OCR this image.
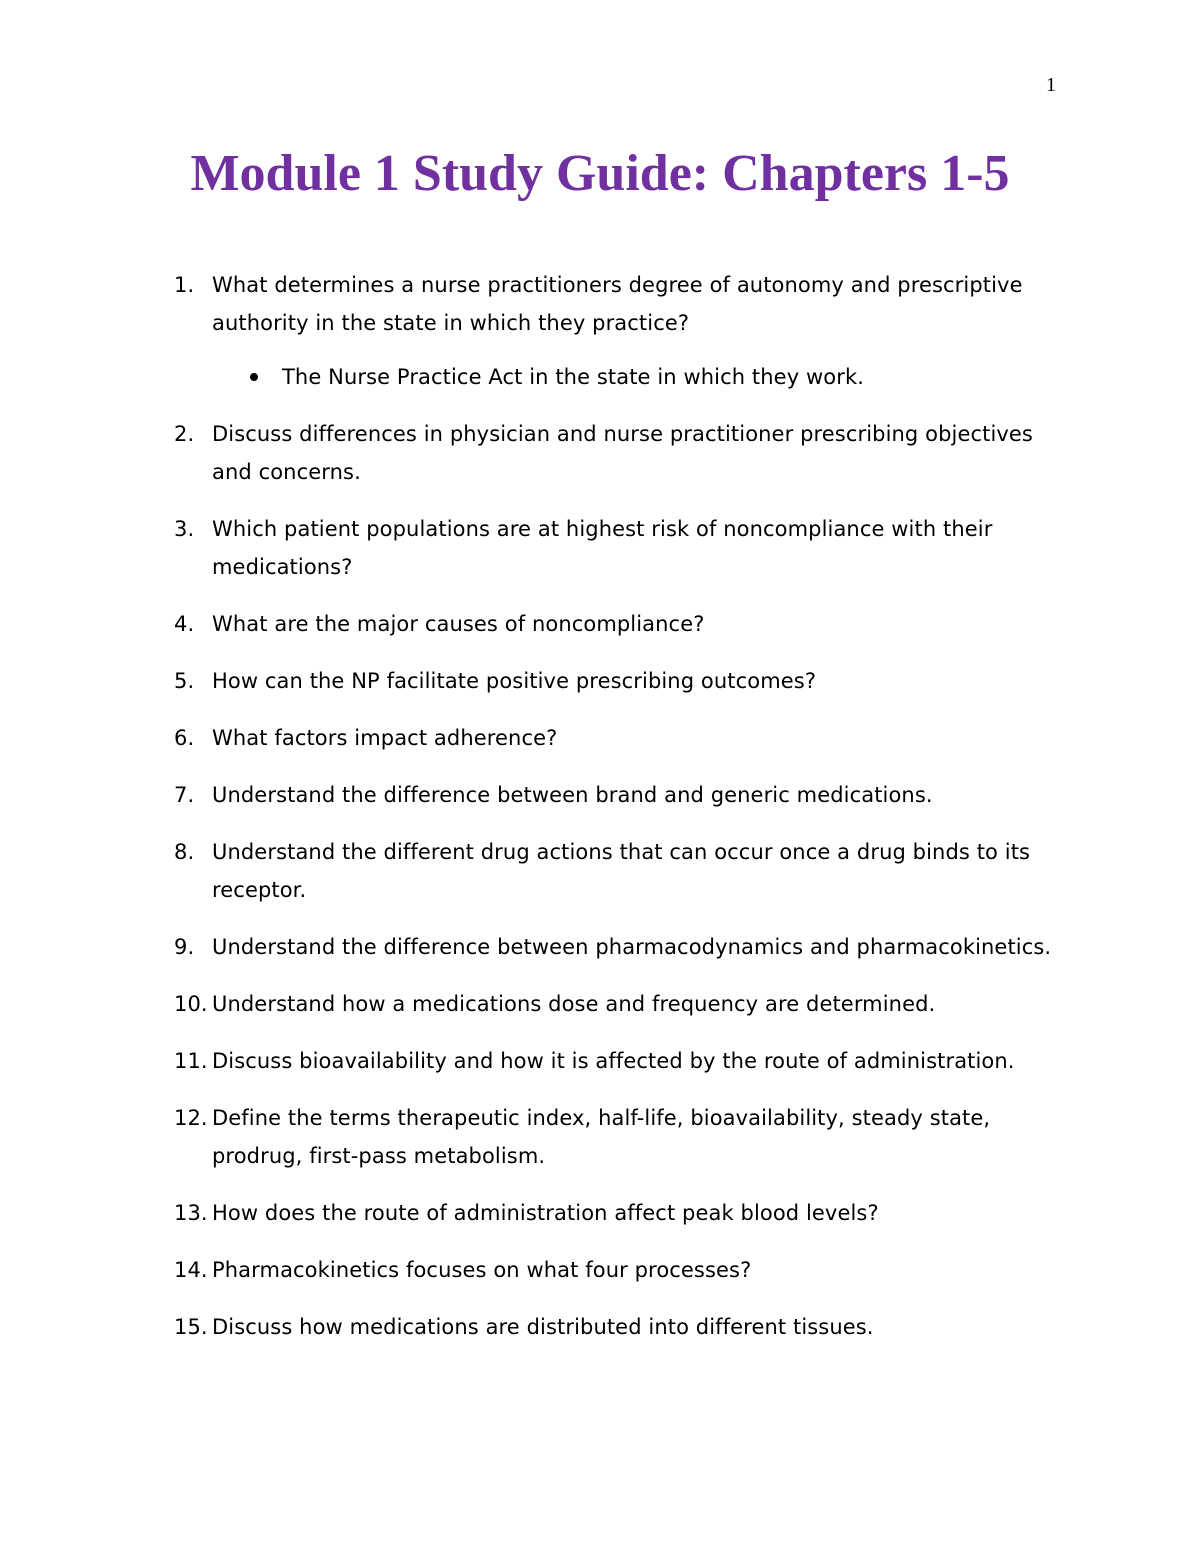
1
Module 1 Study Guide: Chapters 1-5
1. What determines a nurse practitioners degree of autonomy and prescriptive authority in the state in which they practice?
The Nurse Practice Act in the state in which they work.
2. Discuss differences in physician and nurse practitioner prescribing objectives and concerns.
3. Which patient populations are at highest risk of noncompliance with their medications?
4. What are the major causes of noncompliance?
5. How can the NP facilitate positive prescribing outcomes?
6. What factors impact adherence?
7. Understand the difference between brand and generic medications.
8. Understand the different drug actions that can occur once a drug binds to its receptor.
9. Understand the difference between pharmacodynamics and pharmacokinetics.
10. Understand how a medications dose and frequency are determined.
11. Discuss bioavailability and how it is affected by the route of administration.
12. Define the terms therapeutic index, half-life, bioavailability, steady state, prodrug, first-pass metabolism.
13. How does the route of administration affect peak blood levels?
14. Pharmacokinetics focuses on what four processes?
15. Discuss how medications are distributed into different tissues.
